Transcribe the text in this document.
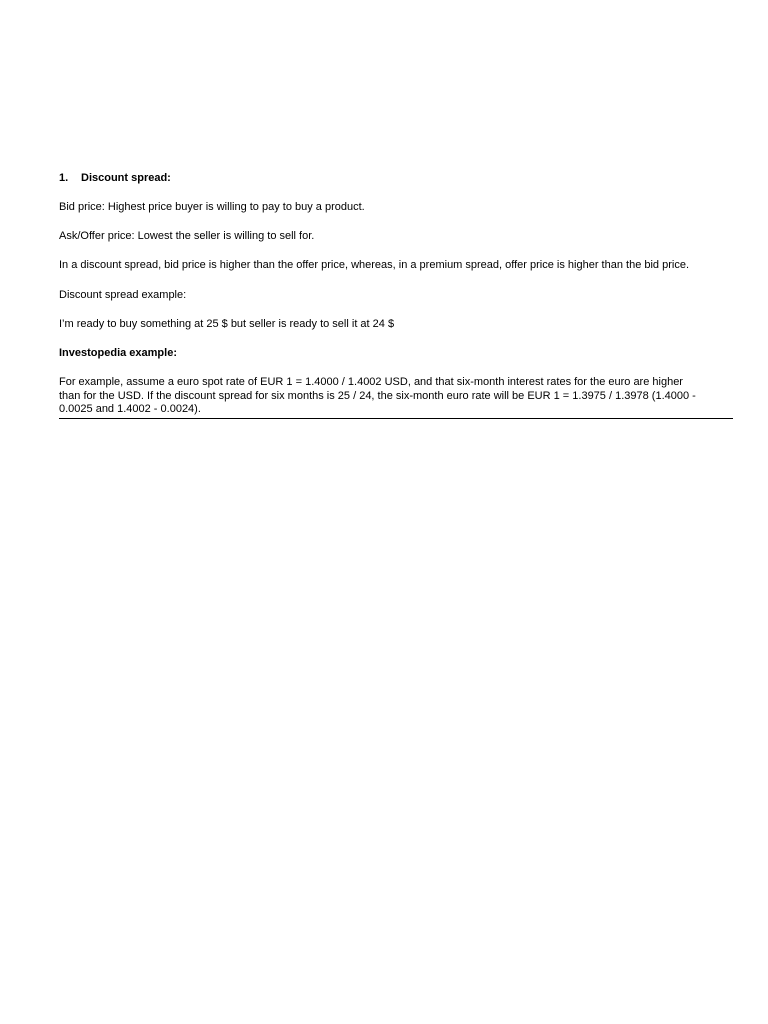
1. Discount spread:
Bid price: Highest price buyer is willing to pay to buy a product.
Ask/Offer price: Lowest the seller is willing to sell for.
In a discount spread, bid price is higher than the offer price, whereas, in a premium spread, offer price is higher than the bid price.
Discount spread example:
I’m ready to buy something at 25 $ but seller is ready to sell it at 24 $
Investopedia example:
For example, assume a euro spot rate of EUR 1 = 1.4000 / 1.4002 USD, and that six-month interest rates for the euro are higher
than for the USD. If the discount spread for six months is 25 / 24, the six-month euro rate will be EUR 1 = 1.3975 / 1.3978 (1.4000 -
0.0025 and 1.4002 - 0.0024).
